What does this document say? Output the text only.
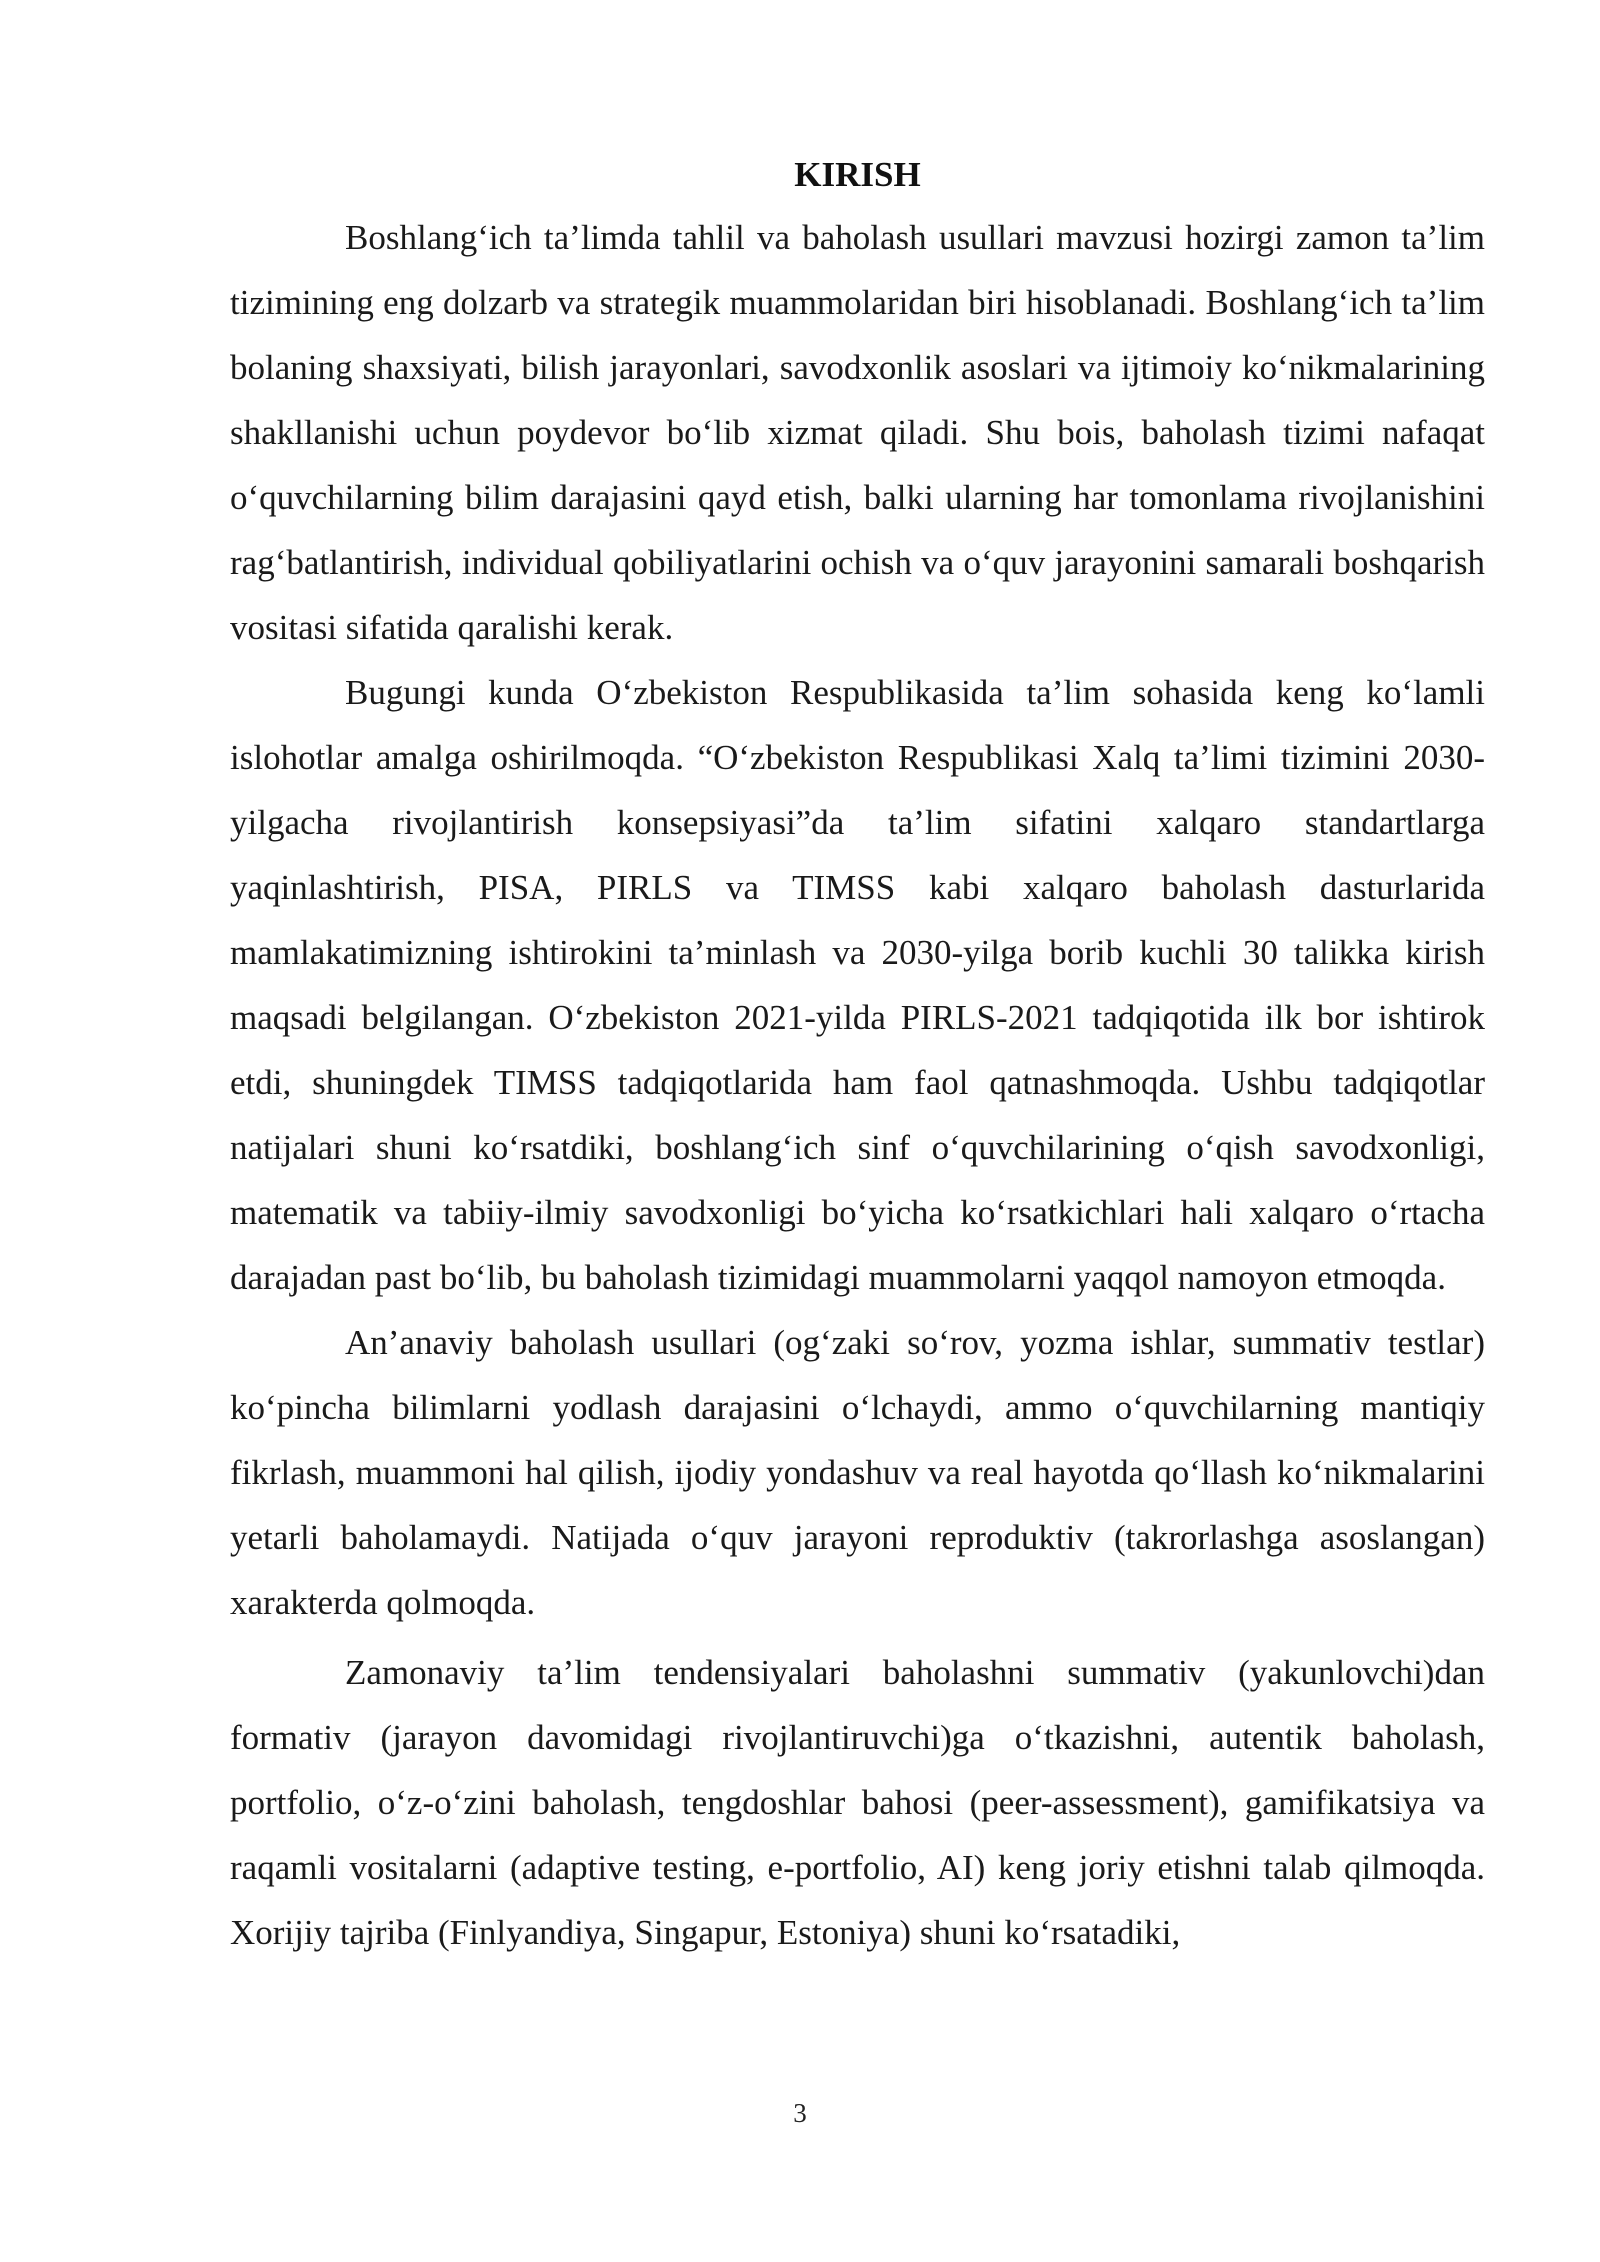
KIRISH

Boshlang‘ich ta’limda tahlil va baholash usullari mavzusi hozirgi zamon ta’lim tizimining eng dolzarb va strategik muammolaridan biri hisoblanadi. Boshlang‘ich ta’lim bolaning shaxsiyati, bilish jarayonlari, savodxonlik asoslari va ijtimoiy ko‘nikmalarining shakllanishi uchun poydevor bo‘lib xizmat qiladi. Shu bois, baholash tizimi nafaqat o‘quvchilarning bilim darajasini qayd etish, balki ularning har tomonlama rivojlanishini rag‘batlantirish, individual qobiliyatlarini ochish va o‘quv jarayonini samarali boshqarish vositasi sifatida qaralishi kerak.

Bugungi kunda O‘zbekiston Respublikasida ta’lim sohasida keng ko‘lamli islohotlar amalga oshirilmoqda. “O‘zbekiston Respublikasi Xalq ta’limi tizimini 2030-yilgacha rivojlantirish konsepsiyasi”da ta’lim sifatini xalqaro standartlarga yaqinlashtirish, PISA, PIRLS va TIMSS kabi xalqaro baholash dasturlarida mamlakatimizning ishtirokini ta’minlash va 2030-yilga borib kuchli 30 talikka kirish maqsadi belgilangan. O‘zbekiston 2021-yilda PIRLS-2021 tadqiqotida ilk bor ishtirok etdi, shuningdek TIMSS tadqiqotlarida ham faol qatnashmoqda. Ushbu tadqiqotlar natijalari shuni ko‘rsatdiki, boshlang‘ich sinf o‘quvchilarining o‘qish savodxonligi, matematik va tabiiy-ilmiy savodxonligi bo‘yicha ko‘rsatkichlari hali xalqaro o‘rtacha darajadan past bo‘lib, bu baholash tizimidagi muammolarni yaqqol namoyon etmoqda.

An’anaviy baholash usullari (og‘zaki so‘rov, yozma ishlar, summativ testlar) ko‘pincha bilimlarni yodlash darajasini o‘lchaydi, ammo o‘quvchilarning mantiqiy fikrlash, muammoni hal qilish, ijodiy yondashuv va real hayotda qo‘llash ko‘nikmalarini yetarli baholamaydi. Natijada o‘quv jarayoni reproduktiv (takrorlashga asoslangan) xarakterda qolmoqda.

Zamonaviy ta’lim tendensiyalari baholashni summativ (yakunlovchi)dan formativ (jarayon davomidagi rivojlantiruvchi)ga o‘tkazishni, autentik baholash, portfolio, o‘z-o‘zini baholash, tengdoshlar bahosi (peer-assessment), gamifikatsiya va raqamli vositalarni (adaptive testing, e-portfolio, AI) keng joriy etishni talab qilmoqda. Xorijiy tajriba (Finlyandiya, Singapur, Estoniya) shuni ko‘rsatadiki,

3
